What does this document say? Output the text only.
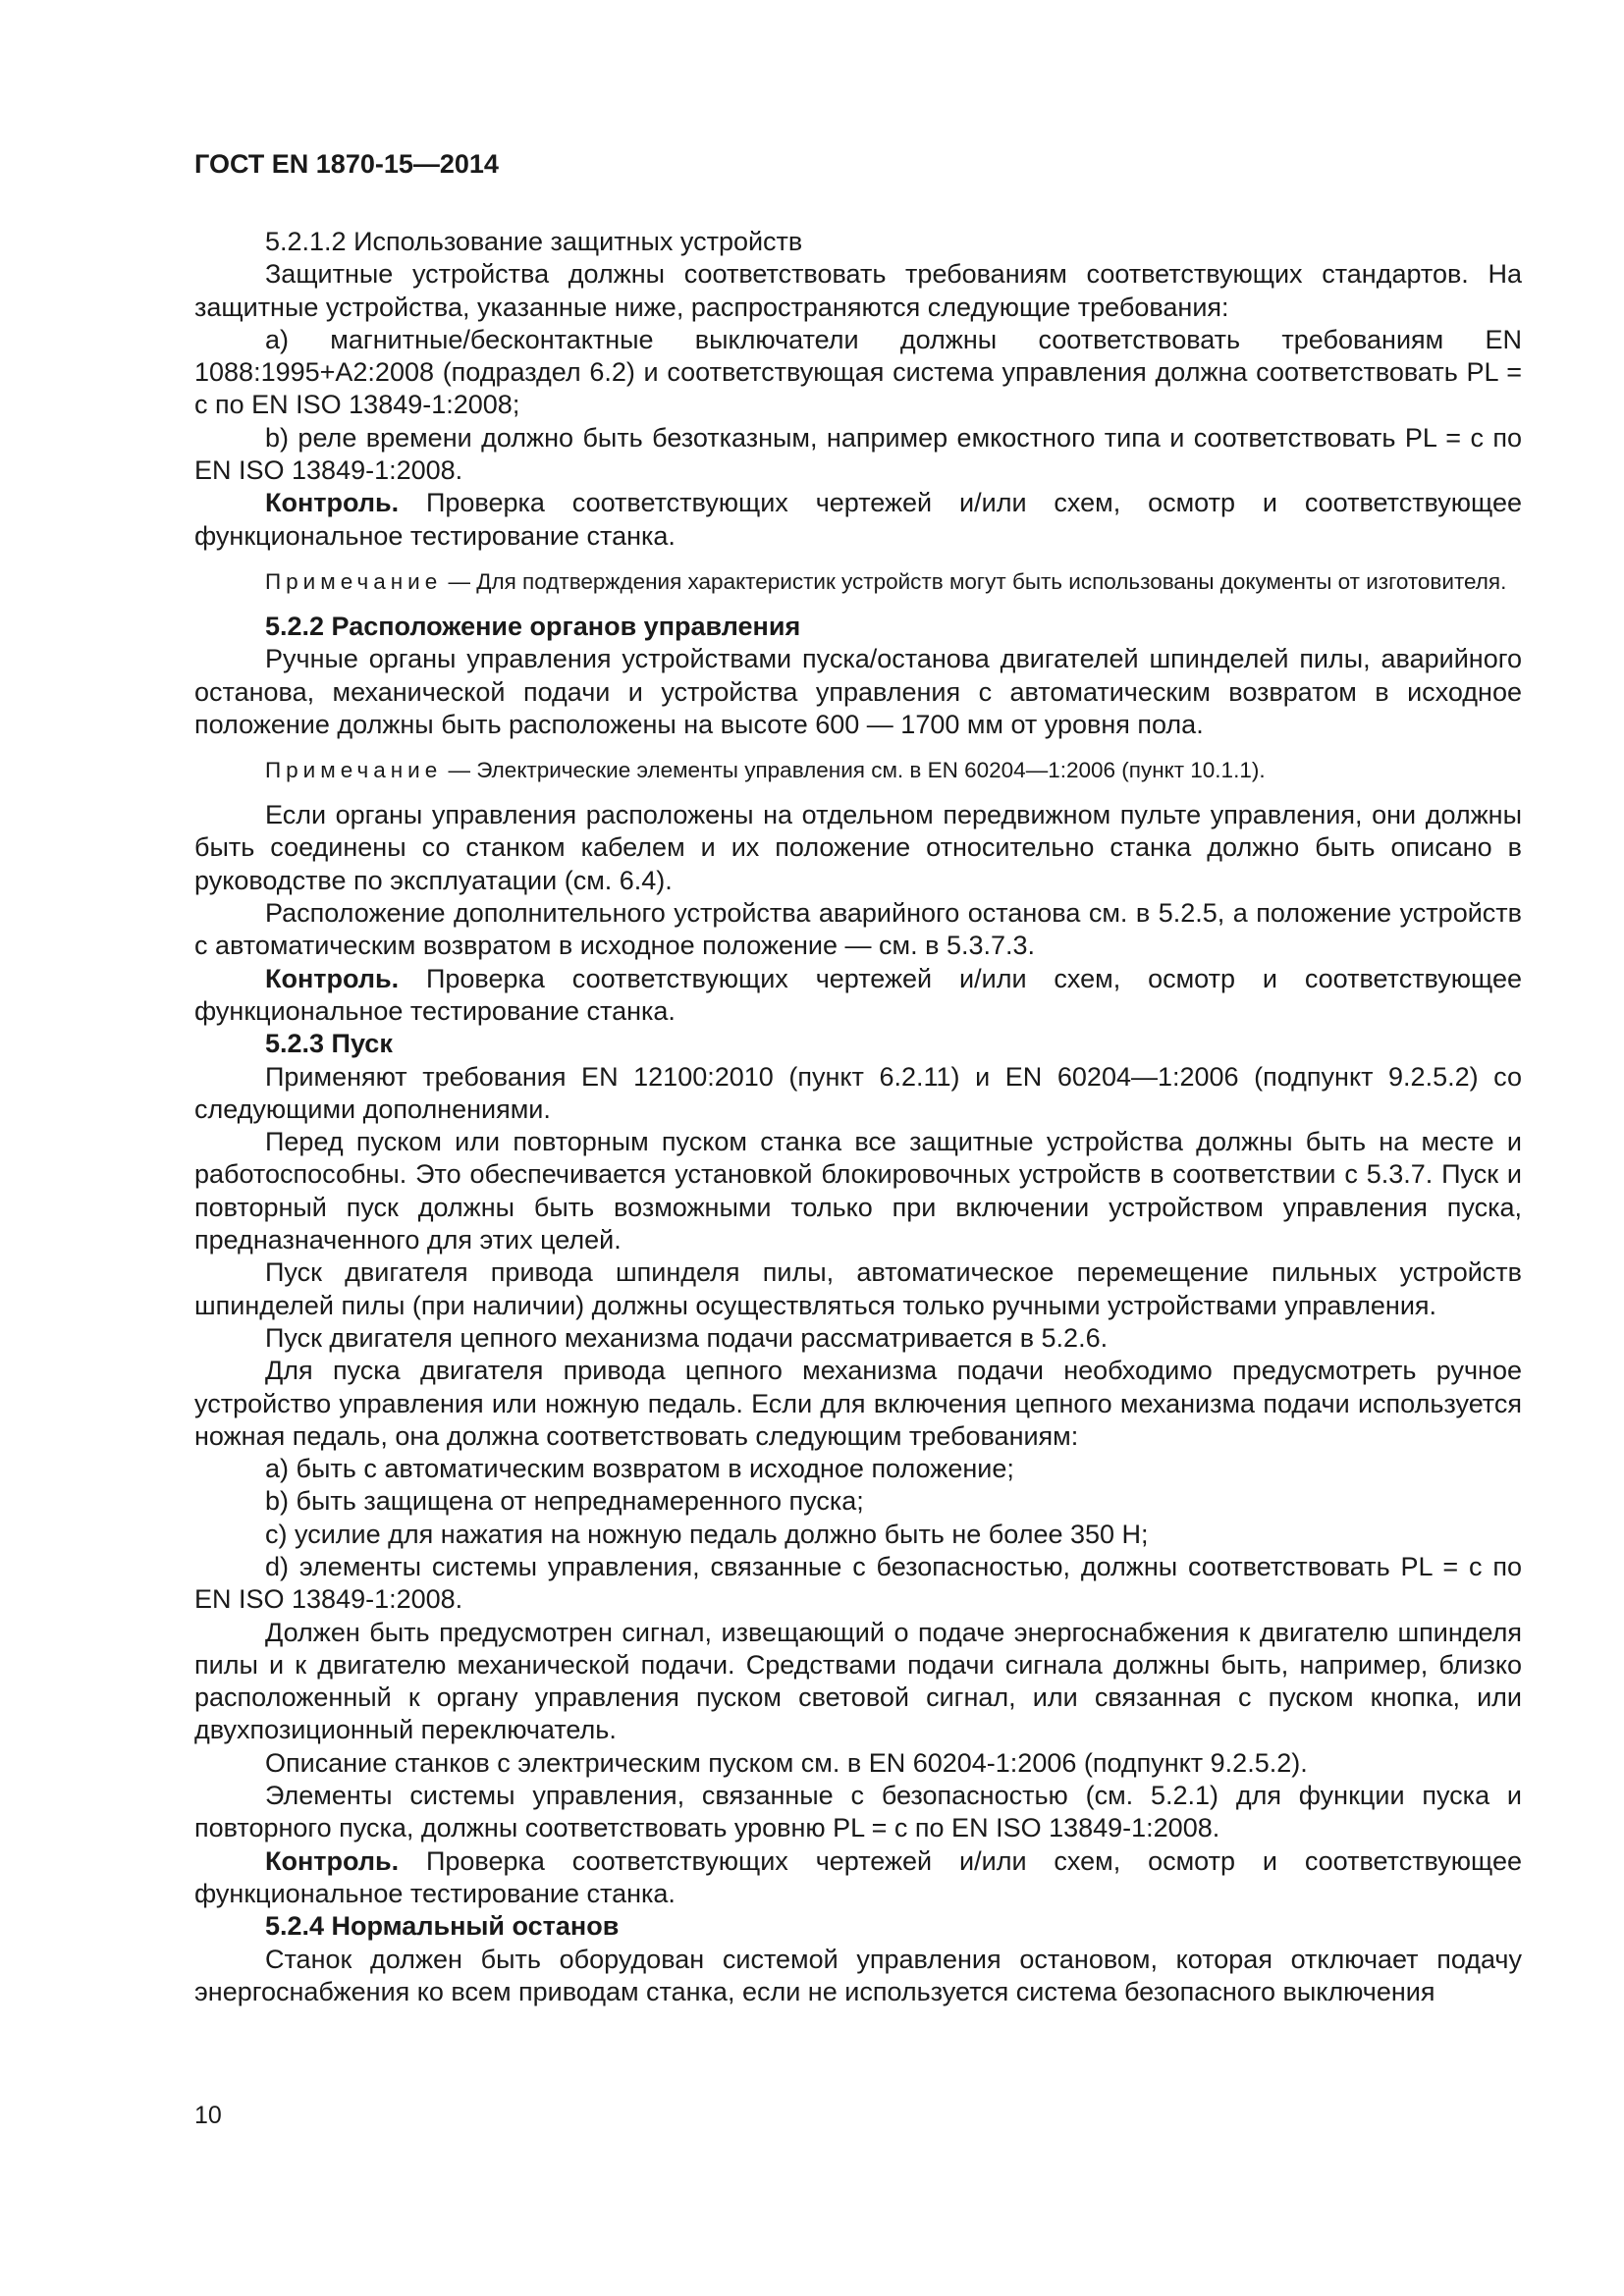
ГОСТ EN 1870-15—2014

5.2.1.2 Использование защитных устройств

Защитные устройства должны соответствовать требованиям соответствующих стандартов. На защитные устройства, указанные ниже, распространяются следующие требования:

а) магнитные/бесконтактные выключатели должны соответствовать требованиям EN 1088:1995+А2:2008 (подраздел 6.2) и соответствующая система управления должна соответствовать PL = c по EN ISO 13849-1:2008;

b) реле времени должно быть безотказным, например емкостного типа и соответствовать PL = c по EN ISO 13849-1:2008.

Контроль. Проверка соответствующих чертежей и/или схем, осмотр и соответствующее функциональное тестирование станка.

Примечание — Для подтверждения характеристик устройств могут быть использованы документы от изготовителя.

5.2.2 Расположение органов управления

Ручные органы управления устройствами пуска/останова двигателей шпинделей пилы, аварийного останова, механической подачи и устройства управления с автоматическим возвратом в исходное положение должны быть расположены на высоте 600 — 1700 мм от уровня пола.

Примечание — Электрические элементы управления см. в EN 60204—1:2006 (пункт 10.1.1).

Если органы управления расположены на отдельном передвижном пульте управления, они должны быть соединены со станком кабелем и их положение относительно станка должно быть описано в руководстве по эксплуатации (см. 6.4).

Расположение дополнительного устройства аварийного останова см. в 5.2.5, а положение устройств с автоматическим возвратом в исходное положение — см. в 5.3.7.3.

Контроль. Проверка соответствующих чертежей и/или схем, осмотр и соответствующее функциональное тестирование станка.

5.2.3 Пуск

Применяют требования EN 12100:2010 (пункт 6.2.11) и EN 60204—1:2006 (подпункт 9.2.5.2) со следующими дополнениями.

Перед пуском или повторным пуском станка все защитные устройства должны быть на месте и работоспособны. Это обеспечивается установкой блокировочных устройств в соответствии с 5.3.7. Пуск и повторный пуск должны быть возможными только при включении устройством управления пуска, предназначенного для этих целей.

Пуск двигателя привода шпинделя пилы, автоматическое перемещение пильных устройств шпинделей пилы (при наличии) должны осуществляться только ручными устройствами управления.

Пуск двигателя цепного механизма подачи рассматривается в 5.2.6.

Для пуска двигателя привода цепного механизма подачи необходимо предусмотреть ручное устройство управления или ножную педаль. Если для включения цепного механизма подачи используется ножная педаль, она должна соответствовать следующим требованиям:

а) быть с автоматическим возвратом в исходное положение;

b) быть защищена от непреднамеренного пуска;

c) усилие для нажатия на ножную педаль должно быть не более 350 Н;

d) элементы системы управления, связанные с безопасностью, должны соответствовать PL = c по EN ISO 13849-1:2008.

Должен быть предусмотрен сигнал, извещающий о подаче энергоснабжения к двигателю шпинделя пилы и к двигателю механической подачи. Средствами подачи сигнала должны быть, например, близко расположенный к органу управления пуском световой сигнал, или связанная с пуском кнопка, или двухпозиционный переключатель.

Описание станков с электрическим пуском см. в EN 60204-1:2006 (подпункт 9.2.5.2).

Элементы системы управления, связанные с безопасностью (см. 5.2.1) для функции пуска и повторного пуска, должны соответствовать уровню PL = c по EN ISO 13849-1:2008.

Контроль. Проверка соответствующих чертежей и/или схем, осмотр и соответствующее функциональное тестирование станка.

5.2.4 Нормальный останов

Станок должен быть оборудован системой управления остановом, которая отключает подачу энергоснабжения ко всем приводам станка, если не используется система безопасного выключения

10
